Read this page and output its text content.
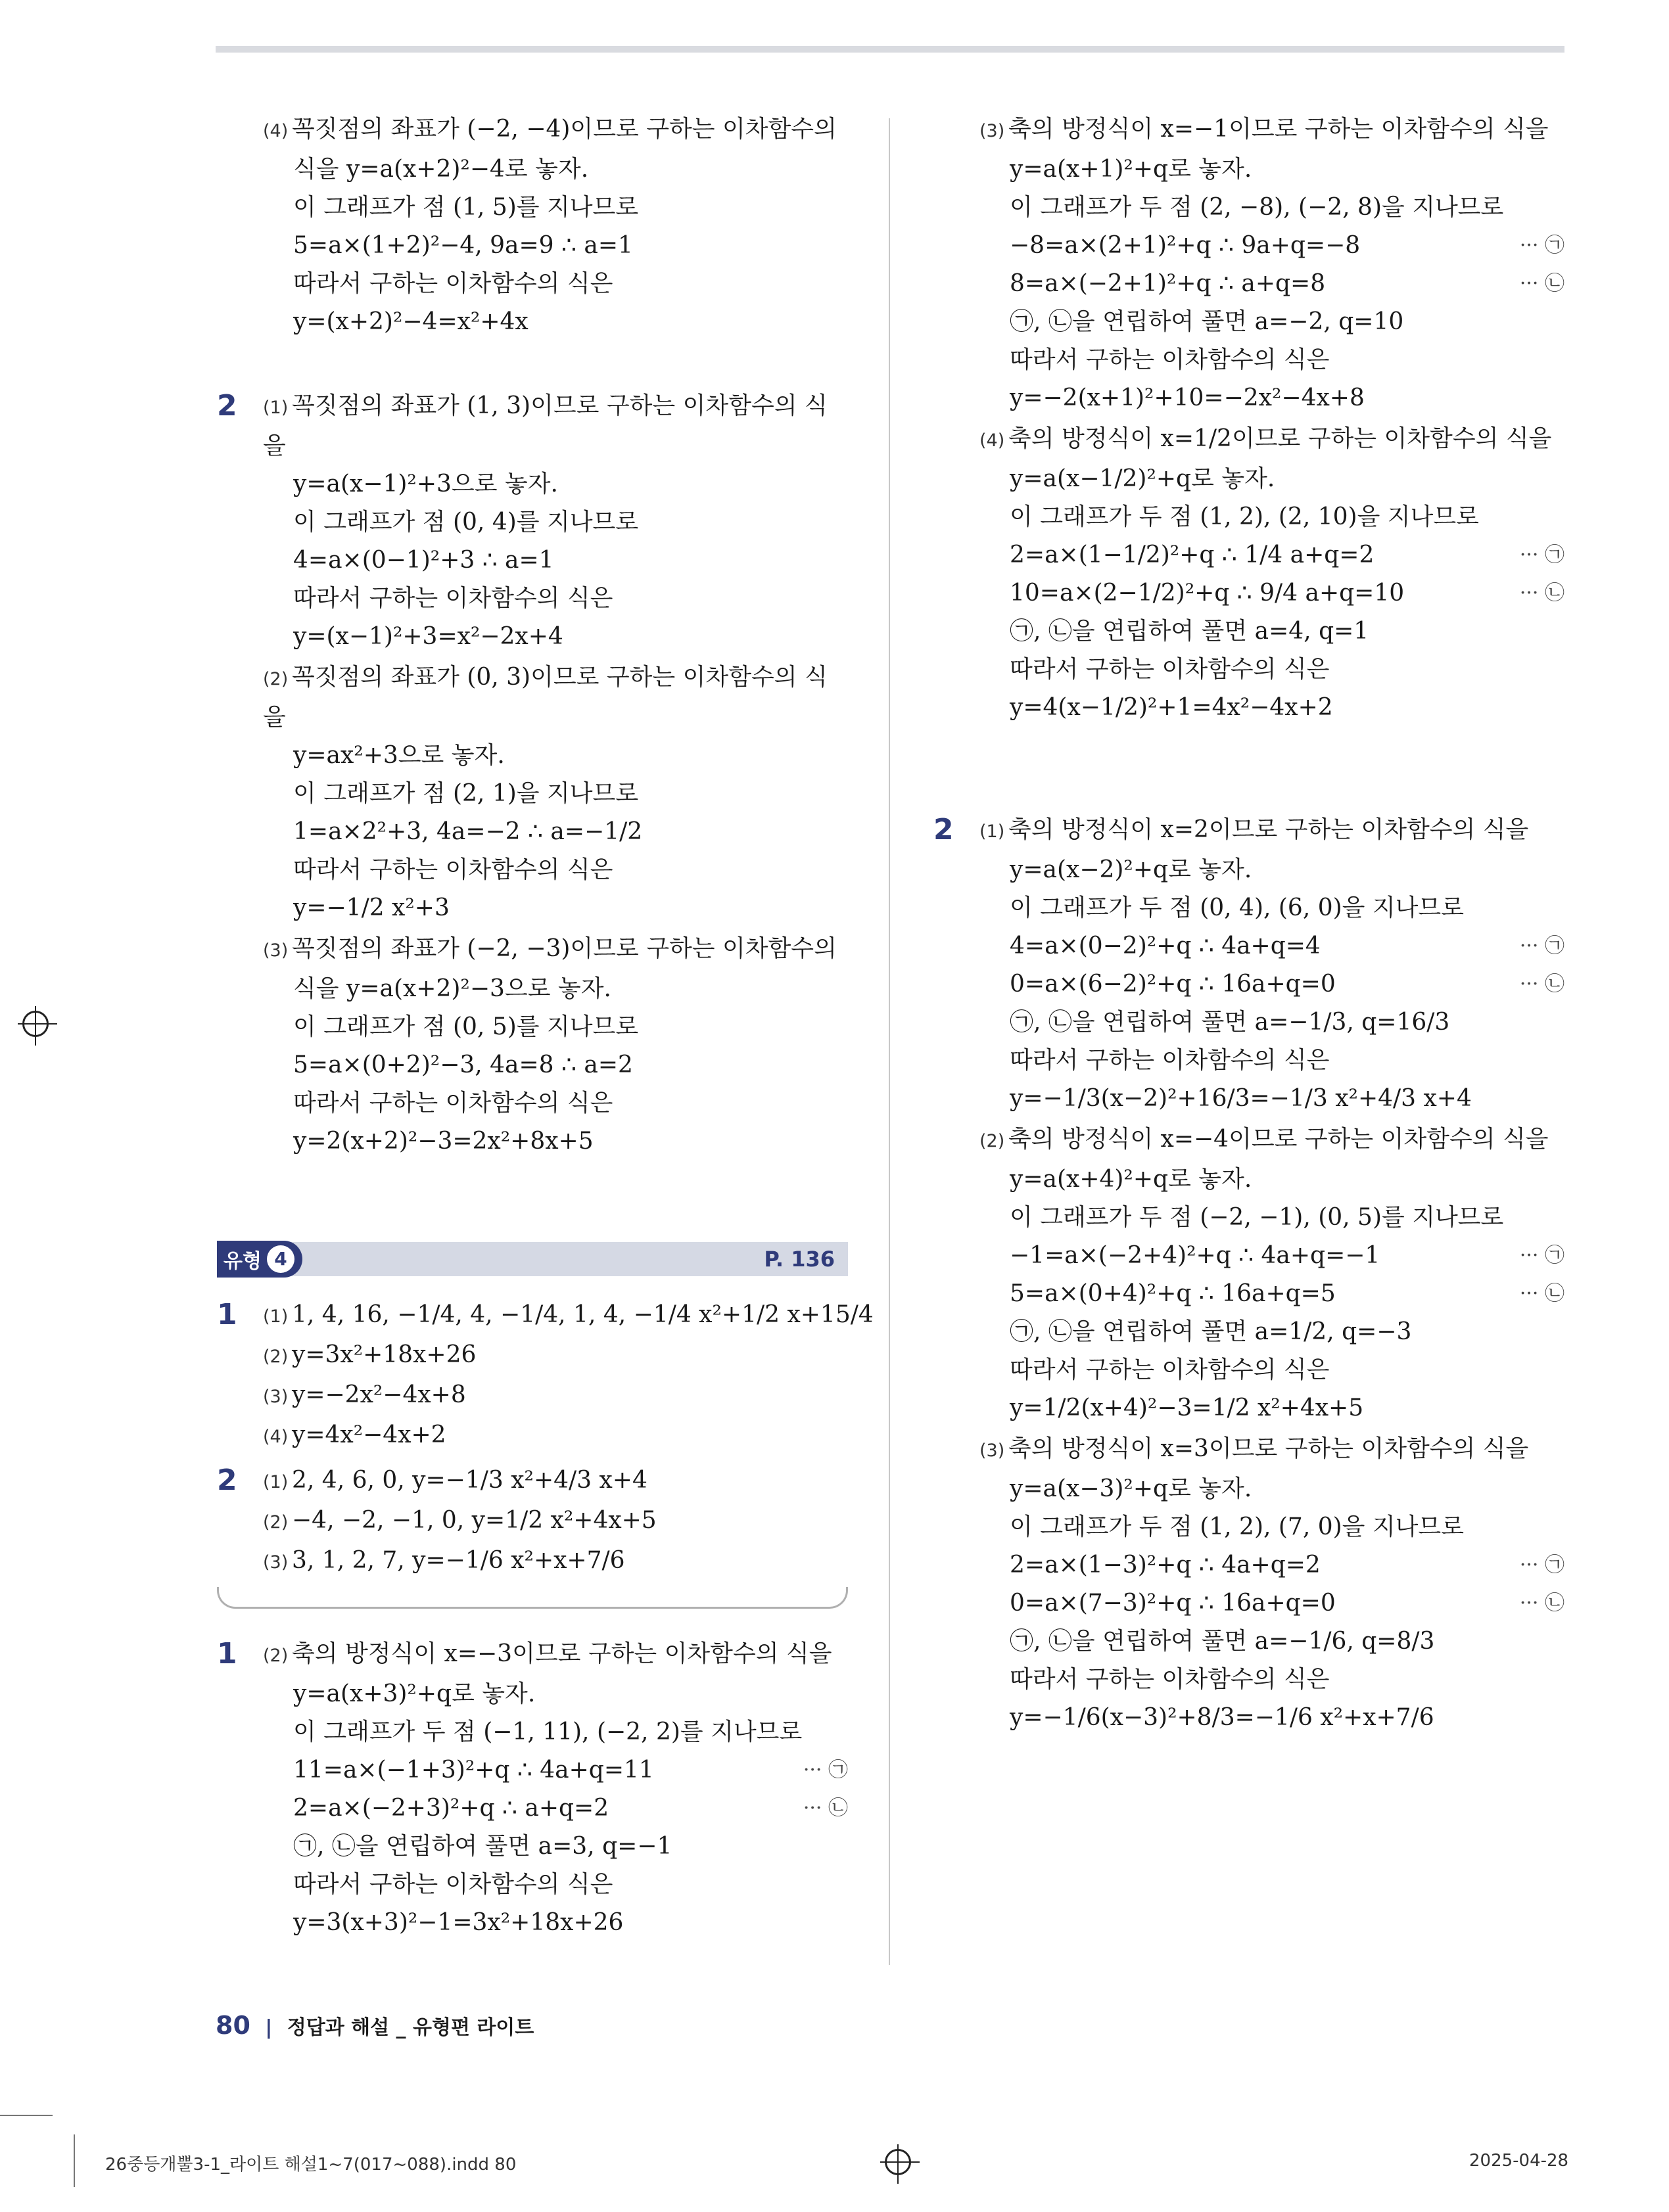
(4) 꼭짓점의 좌표가 (−2, −4)이므로 구하는 이차함수의
식을 y=a(x+2)²−4로 놓자.
이 그래프가 점 (1, 5)를 지나므로
5=a×(1+2)²−4, 9a=9 ∴ a=1
따라서 구하는 이차함수의 식은
y=(x+2)²−4=x²+4x
2	(1) 꼭짓점의 좌표가 (1, 3)이므로 구하는 이차함수의 식을
y=a(x−1)²+3으로 놓자.
이 그래프가 점 (0, 4)를 지나므로
4=a×(0−1)²+3 ∴ a=1
따라서 구하는 이차함수의 식은
y=(x−1)²+3=x²−2x+4
(2) 꼭짓점의 좌표가 (0, 3)이므로 구하는 이차함수의 식을
y=ax²+3으로 놓자.
이 그래프가 점 (2, 1)을 지나므로
1=a×2²+3, 4a=−2 ∴ a=−1/2
따라서 구하는 이차함수의 식은
y=−1/2 x²+3
(3) 꼭짓점의 좌표가 (−2, −3)이므로 구하는 이차함수의
식을 y=a(x+2)²−3으로 놓자.
이 그래프가 점 (0, 5)를 지나므로
5=a×(0+2)²−3, 4a=8 ∴ a=2
따라서 구하는 이차함수의 식은
y=2(x+2)²−3=2x²+8x+5
유형 4	P. 136
1	(1) 1, 4, 16, −1/4, 4, −1/4, 1, 4, −1/4 x²+1/2 x+15/4
(2) y=3x²+18x+26
(3) y=−2x²−4x+8
(4) y=4x²−4x+2
2	(1) 2, 4, 6, 0, y=−1/3 x²+4/3 x+4
(2) −4, −2, −1, 0, y=1/2 x²+4x+5
(3) 3, 1, 2, 7, y=−1/6 x²+x+7/6
1	(2) 축의 방정식이 x=−3이므로 구하는 이차함수의 식을
y=a(x+3)²+q로 놓자.
이 그래프가 두 점 (−1, 11), (−2, 2)를 지나므로
··· ㉠
11=a×(−1+3)²+q ∴ 4a+q=11
··· ㉡
2=a×(−2+3)²+q ∴ a+q=2
㉠, ㉡을 연립하여 풀면 a=3, q=−1
따라서 구하는 이차함수의 식은
y=3(x+3)²−1=3x²+18x+26
(3) 축의 방정식이 x=−1이므로 구하는 이차함수의 식을
y=a(x+1)²+q로 놓자.
이 그래프가 두 점 (2, −8), (−2, 8)을 지나므로
··· ㉠
−8=a×(2+1)²+q ∴ 9a+q=−8
··· ㉡
8=a×(−2+1)²+q ∴ a+q=8
㉠, ㉡을 연립하여 풀면 a=−2, q=10
따라서 구하는 이차함수의 식은
y=−2(x+1)²+10=−2x²−4x+8
(4) 축의 방정식이 x=1/2이므로 구하는 이차함수의 식을
y=a(x−1/2)²+q로 놓자.
이 그래프가 두 점 (1, 2), (2, 10)을 지나므로
··· ㉠
2=a×(1−1/2)²+q ∴ 1/4 a+q=2
··· ㉡
10=a×(2−1/2)²+q ∴ 9/4 a+q=10
㉠, ㉡을 연립하여 풀면 a=4, q=1
따라서 구하는 이차함수의 식은
y=4(x−1/2)²+1=4x²−4x+2
2	(1) 축의 방정식이 x=2이므로 구하는 이차함수의 식을
y=a(x−2)²+q로 놓자.
이 그래프가 두 점 (0, 4), (6, 0)을 지나므로
··· ㉠
4=a×(0−2)²+q ∴ 4a+q=4
··· ㉡
0=a×(6−2)²+q ∴ 16a+q=0
㉠, ㉡을 연립하여 풀면 a=−1/3, q=16/3
따라서 구하는 이차함수의 식은
y=−1/3(x−2)²+16/3=−1/3 x²+4/3 x+4
(2) 축의 방정식이 x=−4이므로 구하는 이차함수의 식을
y=a(x+4)²+q로 놓자.
이 그래프가 두 점 (−2, −1), (0, 5)를 지나므로
··· ㉠
−1=a×(−2+4)²+q ∴ 4a+q=−1
··· ㉡
5=a×(0+4)²+q ∴ 16a+q=5
㉠, ㉡을 연립하여 풀면 a=1/2, q=−3
따라서 구하는 이차함수의 식은
y=1/2(x+4)²−3=1/2 x²+4x+5
(3) 축의 방정식이 x=3이므로 구하는 이차함수의 식을
y=a(x−3)²+q로 놓자.
이 그래프가 두 점 (1, 2), (7, 0)을 지나므로
··· ㉠
2=a×(1−3)²+q ∴ 4a+q=2
··· ㉡
0=a×(7−3)²+q ∴ 16a+q=0
㉠, ㉡을 연립하여 풀면 a=−1/6, q=8/3
따라서 구하는 이차함수의 식은
y=−1/6(x−3)²+8/3=−1/6 x²+x+7/6
80 | 정답과 해설 _ 유형편 라이트
26중등개뿔3-1_라이트 해설1~7(017~088).indd 80	2025-04-28
